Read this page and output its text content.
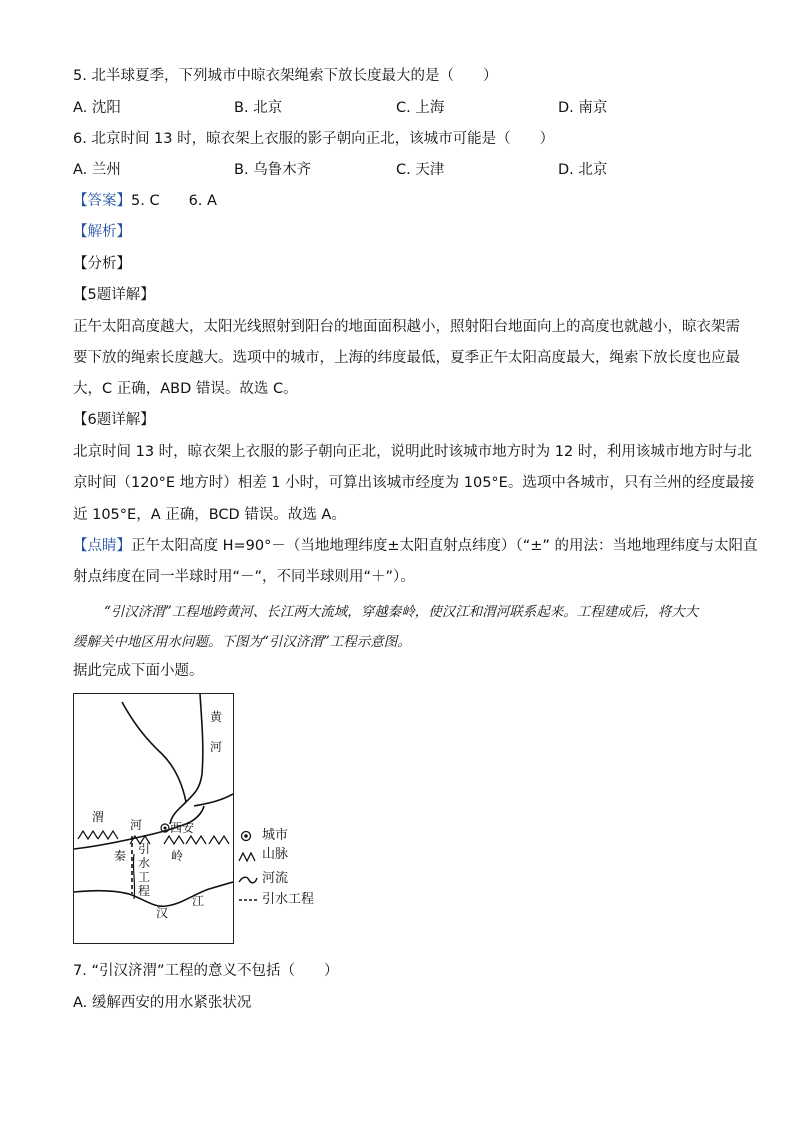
5. 北半球夏季，下列城市中晾衣架绳索下放长度最大的是（　　）
A. 沈阳	B. 北京	C. 上海	D. 南京
6. 北京时间 13 时，晾衣架上衣服的影子朝向正北，该城市可能是（　　）
A. 兰州	B. 乌鲁木齐	C. 天津	D. 北京
【答案】5. C　　6. A
【解析】
【分析】
【5题详解】
正午太阳高度越大，太阳光线照射到阳台的地面面积越小，照射阳台地面向上的高度也就越小，晾衣架需
要下放的绳索长度越大。选项中的城市，上海的纬度最低，夏季正午太阳高度最大，绳索下放长度也应最
大，C 正确，ABD 错误。故选 C。
【6题详解】
北京时间 13 时，晾衣架上衣服的影子朝向正北，说明此时该城市地方时为 12 时，利用该城市地方时与北
京时间（120°E 地方时）相差 1 小时，可算出该城市经度为 105°E。选项中各城市，只有兰州的经度最接
近 105°E，A 正确，BCD 错误。故选 A。
【点睛】正午太阳高度 H=90°－（当地地理纬度±太阳直射点纬度）（“±” 的用法：当地地理纬度与太阳直
射点纬度在同一半球时用“－”，不同半球则用“＋”）。
“引汉济渭”工程地跨黄河、长江两大流域，穿越秦岭，使汉江和渭河联系起来。工程建成后，将大大
缓解关中地区用水问题。下图为“引汉济渭”工程示意图。
据此完成下面小题。
黄
河
渭
河 西安
秦	岭
引
水
工
程
汉
江
城市
山脉
河流
引水工程
7. “引汉济渭”工程的意义不包括（　　）
A. 缓解西安的用水紧张状况
